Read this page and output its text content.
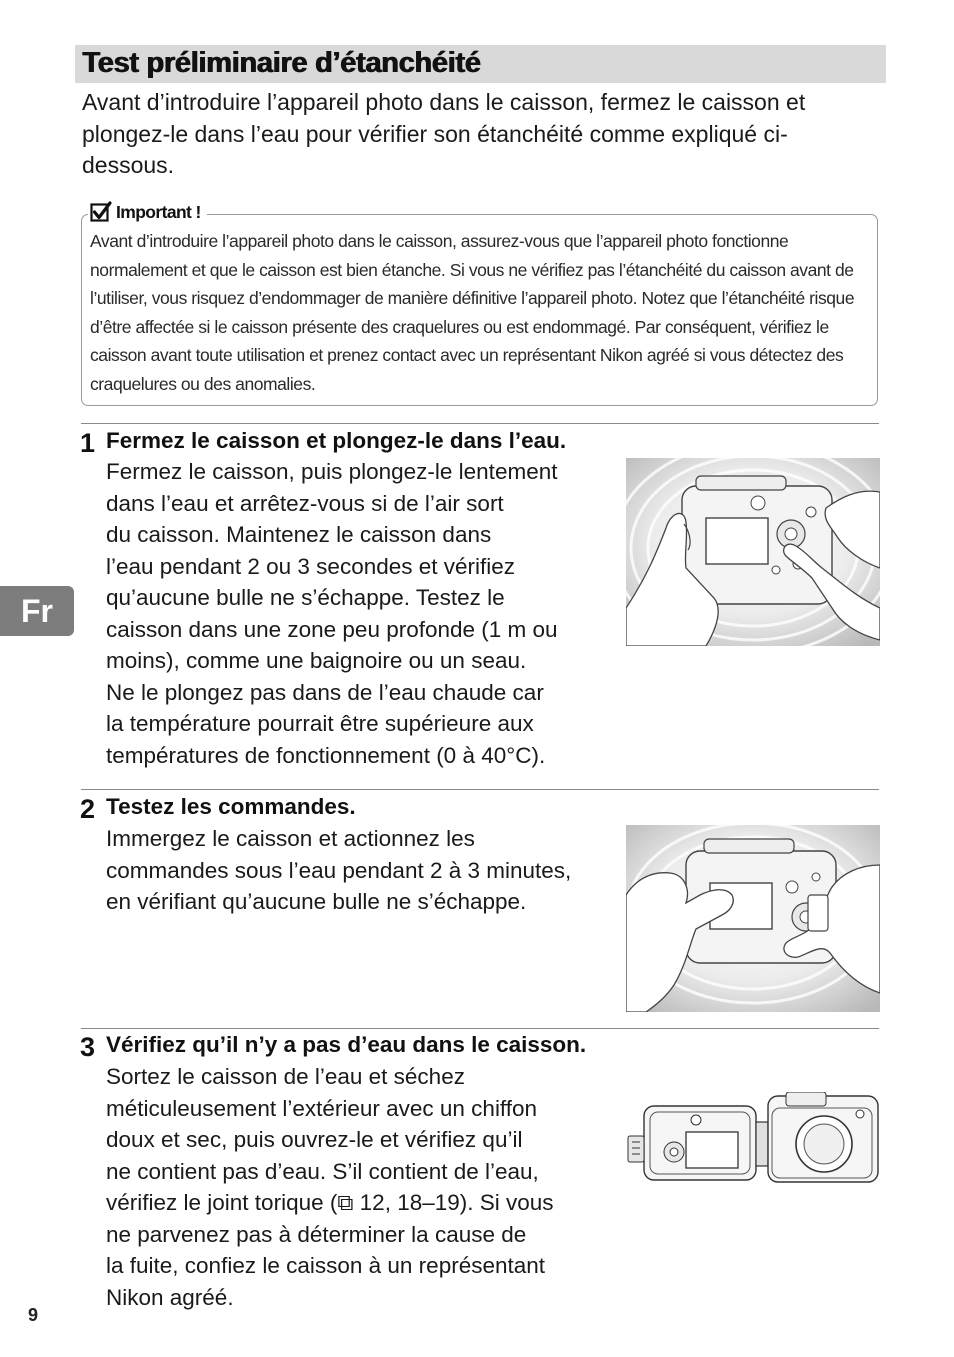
Test préliminaire d’étanchéité
Avant d’introduire l’appareil photo dans le caisson, fermez le caisson et plongez-le dans l’eau pour vérifier son étanchéité comme expliqué ci-dessous.
Important !
Avant d’introduire l’appareil photo dans le caisson, assurez-vous que l’appareil photo fonctionne normalement et que le caisson est bien étanche. Si vous ne vérifiez pas l’étanchéité du caisson avant de l’utiliser, vous risquez d’endommager de manière définitive l’appareil photo. Notez que l’étanchéité risque d’être affectée si le caisson présente des craquelures ou est endommagé. Par conséquent, vérifiez le caisson avant toute utilisation et prenez contact avec un représentant Nikon agréé si vous détectez des craquelures ou des anomalies.
1 Fermez le caisson et plongez-le dans l’eau.
Fermez le caisson, puis plongez-le lentement
dans l’eau et arrêtez-vous si de l’air sort
du caisson. Maintenez le caisson dans
l’eau pendant 2 ou 3 secondes et vérifiez
qu’aucune bulle ne s’échappe. Testez le
caisson dans une zone peu profonde (1 m ou
moins), comme une baignoire ou un seau.
Ne le plongez pas dans de l’eau chaude car
la température pourrait être supérieure aux
températures de fonctionnement (0 à 40°C).
2 Testez les commandes.
Immergez le caisson et actionnez les
commandes sous l’eau pendant 2 à 3 minutes,
en vérifiant qu’aucune bulle ne s’échappe.
3 Vérifiez qu’il n’y a pas d’eau dans le caisson.
Sortez le caisson de l’eau et séchez
méticuleusement l’extérieur avec un chiffon
doux et sec, puis ouvrez-le et vérifiez qu’il
ne contient pas d’eau. S’il contient de l’eau,
vérifiez le joint torique (⧉ 12, 18–19). Si vous
ne parvenez pas à déterminer la cause de
la fuite, confiez le caisson à un représentant
Nikon agréé.
Fr
9
